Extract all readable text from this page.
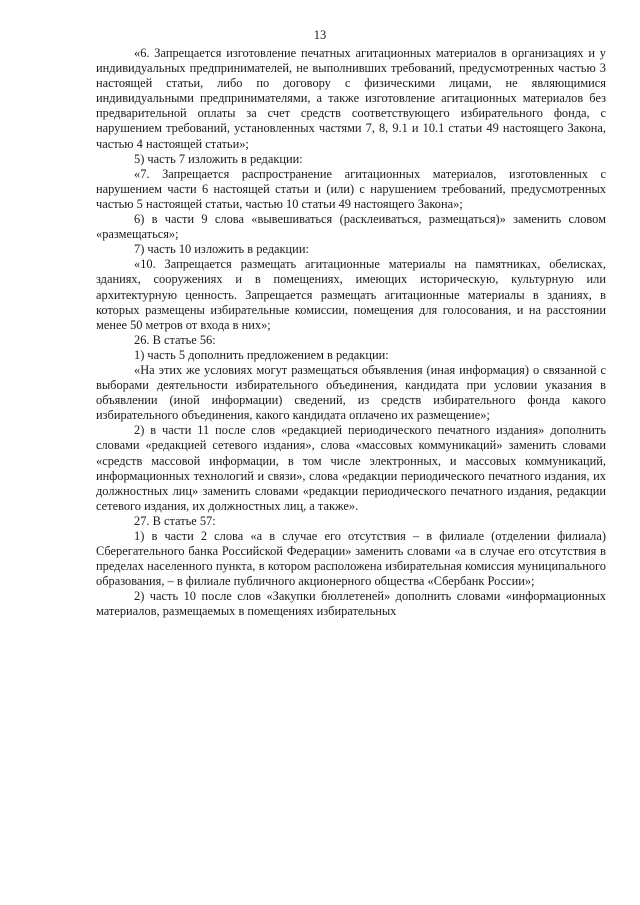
13

«6. Запрещается изготовление печатных агитационных материалов в организациях и у индивидуальных предпринимателей, не выполнивших требований, предусмотренных частью 3 настоящей статьи, либо по договору с физическими лицами, не являющимися индивидуальными предпринимателями, а также изготовление агитационных материалов без предварительной оплаты за счет средств соответствующего избирательного фонда, с нарушением требований, установленных частями 7, 8, 9.1 и 10.1 статьи 49 настоящего Закона, частью 4 настоящей статьи»;

5) часть 7 изложить в редакции:

«7. Запрещается распространение агитационных материалов, изготовленных с нарушением части 6 настоящей статьи и (или) с нарушением требований, предусмотренных частью 5 настоящей статьи, частью 10 статьи 49 настоящего Закона»;

6) в части 9 слова «вывешиваться (расклеиваться, размещаться)» заменить словом «размещаться»;

7) часть 10 изложить в редакции:

«10. Запрещается размещать агитационные материалы на памятниках, обелисках, зданиях, сооружениях и в помещениях, имеющих историческую, культурную или архитектурную ценность. Запрещается размещать агитационные материалы в зданиях, в которых размещены избирательные комиссии, помещения для голосования, и на расстоянии менее 50 метров от входа в них»;

26. В статье 56:

1) часть 5 дополнить предложением в редакции:

«На этих же условиях могут размещаться объявления (иная информация) о связанной с выборами деятельности избирательного объединения, кандидата при условии указания в объявлении (иной информации) сведений, из средств избирательного фонда какого избирательного объединения, какого кандидата оплачено их размещение»;

2) в части 11 после слов «редакцией периодического печатного издания» дополнить словами «редакцией сетевого издания», слова «массовых коммуникаций» заменить словами «средств массовой информации, в том числе электронных, и массовых коммуникаций, информационных технологий и связи», слова «редакции периодического печатного издания, их должностных лиц» заменить словами «редакции периодического печатного издания, редакции сетевого издания, их должностных лиц, а также».

27. В статье 57:

1) в части 2 слова «а в случае его отсутствия – в филиале (отделении филиала) Сберегательного банка Российской Федерации» заменить словами «а в случае его отсутствия в пределах населенного пункта, в котором расположена избирательная комиссия муниципального образования, – в филиале публичного акционерного общества «Сбербанк России»;

2) часть 10 после слов «Закупки бюллетеней» дополнить словами «информационных материалов, размещаемых в помещениях избирательных
